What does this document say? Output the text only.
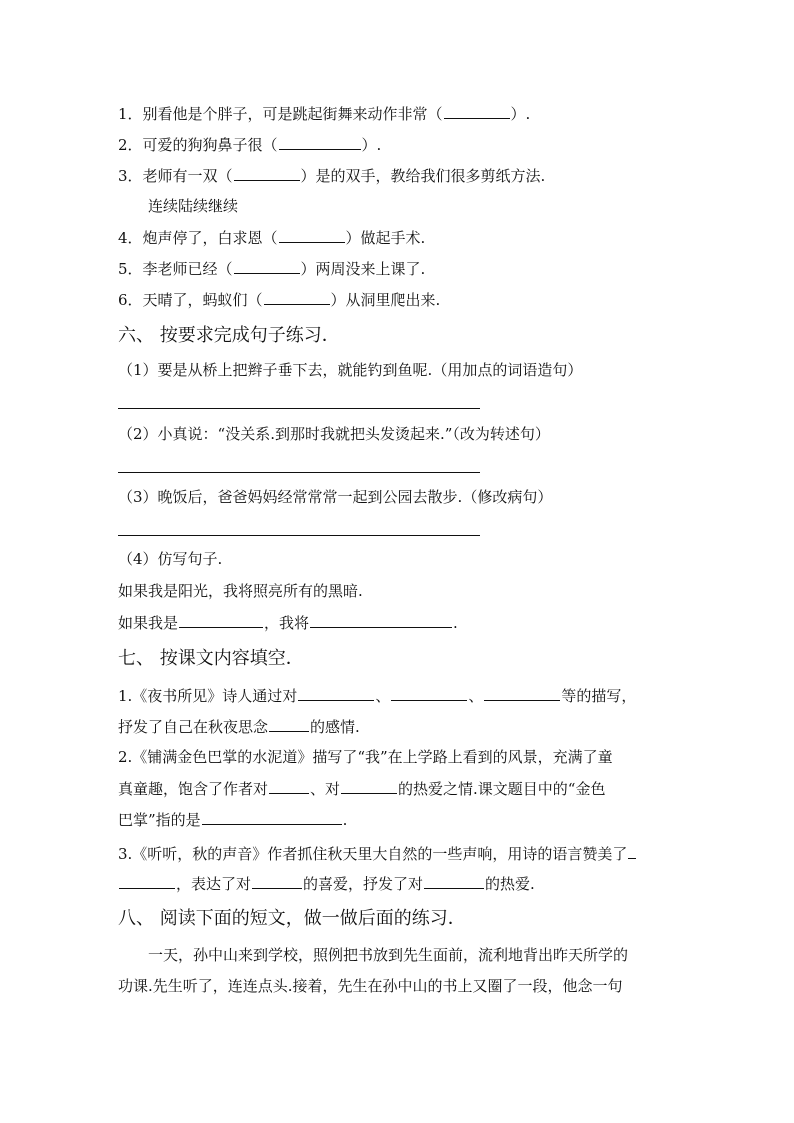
1．别看他是个胖子，可是跳起街舞来动作非常（	）.
2．可爱的狗狗鼻子很（	）.
3．老师有一双（	）是的双手，教给我们很多剪纸方法.
连续陆续继续
4．炮声停了，白求恩（	）做起手术.
5．李老师已经（	）两周没来上课了.
6．天晴了，蚂蚁们（	）从洞里爬出来.
六、 按要求完成句子练习．
（1）要是从桥上把辫子垂下去，就能钓到鱼呢.（用加点的词语造句）
（2）小真说：“没关系.到那时我就把头发烫起来.”（改为转述句）
（3）晚饭后，爸爸妈妈经常常常一起到公园去散步.（修改病句）
（4）仿写句子.
如果我是阳光，我将照亮所有的黑暗.
如果我是	，我将	.
七、 按课文内容填空．
1.《夜书所见》诗人通过对	、	、	等的描写，
抒发了自己在秋夜思念	的感情.
2.《铺满金色巴掌的水泥道》描写了“我”在上学路上看到的风景，充满了童
真童趣，饱含了作者对	、对	的热爱之情.课文题目中的“金色
巴掌”指的是	.
3.《听听，秋的声音》作者抓住秋天里大自然的一些声响，用诗的语言赞美了
，表达了对	的喜爱，抒发了对	的热爱.
八、 阅读下面的短文，做一做后面的练习．
一天，孙中山来到学校，照例把书放到先生面前，流利地背出昨天所学的
功课.先生听了，连连点头.接着，先生在孙中山的书上又圈了一段，他念一句
